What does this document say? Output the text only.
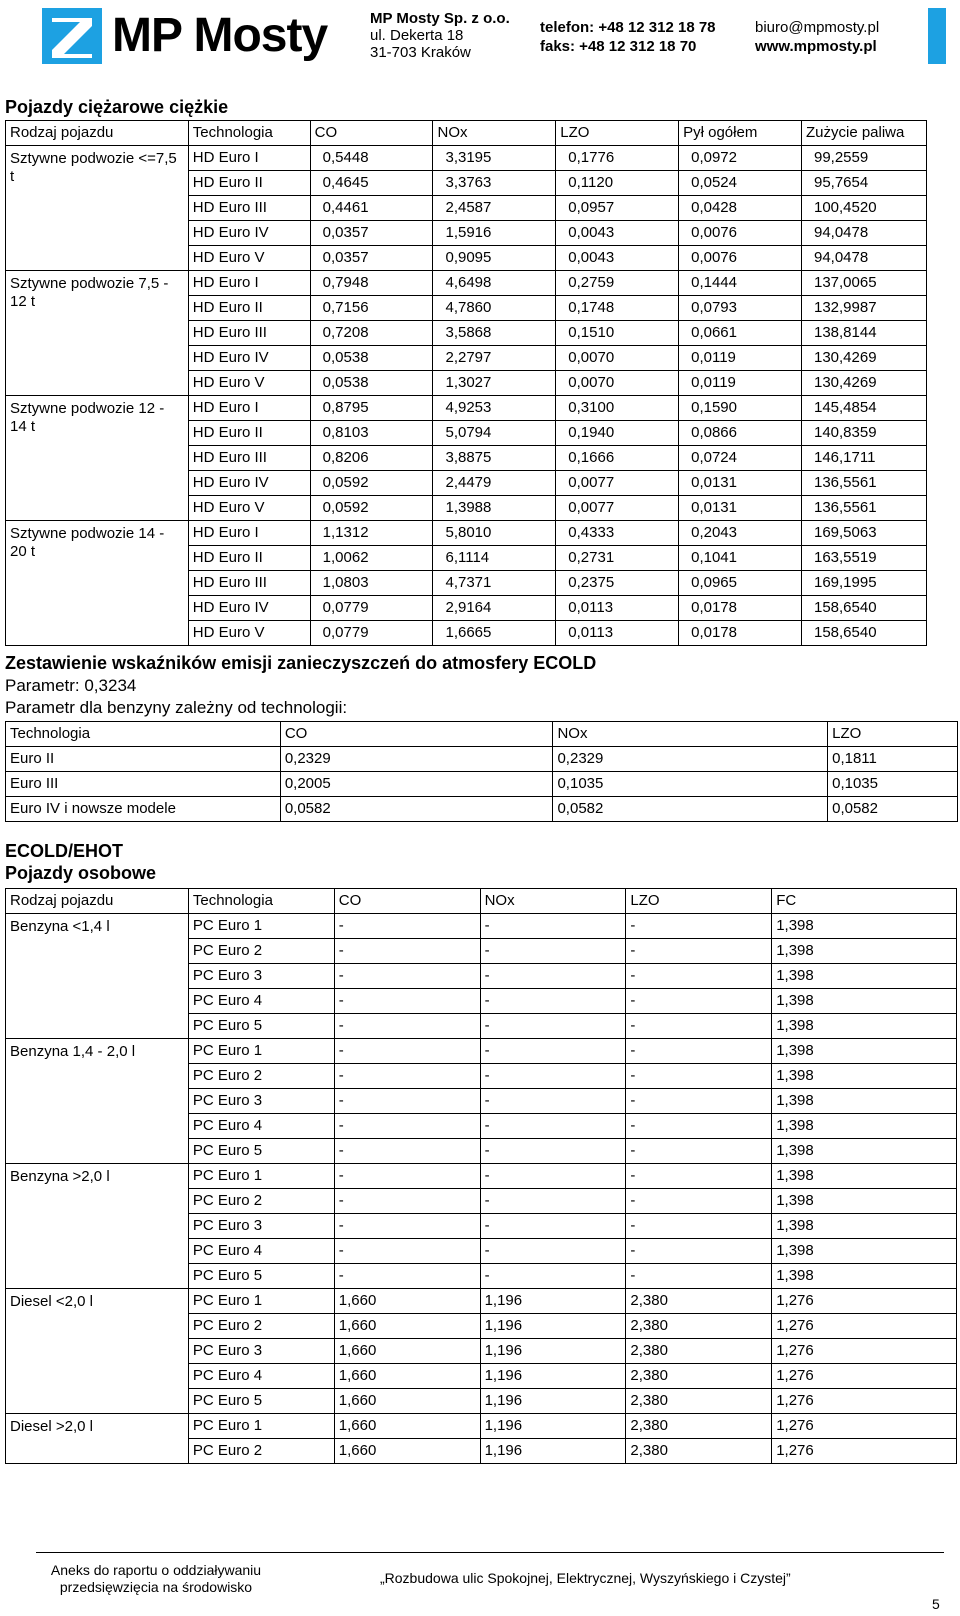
MP Mosty	MP Mosty Sp. z o.o.
ul. Dekerta 18
31-703 Kraków
telefon: +48 12 312 18 78
faks: +48 12 312 18 70
biuro@mpmosty.pl
www.mpmosty.pl
Pojazdy ciężarowe ciężkie
Rodzaj pojazdu	Technologia	CO	NOx	LZO	Pył ogółem	Zużycie paliwa
Sztywne podwozie <=7,5 t	HD Euro I	0,5448	3,3195	0,1776	0,0972	99,2559
	HD Euro II	0,4645	3,3763	0,1120	0,0524	95,7654
	HD Euro III	0,4461	2,4587	0,0957	0,0428	100,4520
	HD Euro IV	0,0357	1,5916	0,0043	0,0076	94,0478
	HD Euro V	0,0357	0,9095	0,0043	0,0076	94,0478
Sztywne podwozie 7,5 - 12 t	HD Euro I	0,7948	4,6498	0,2759	0,1444	137,0065
	HD Euro II	0,7156	4,7860	0,1748	0,0793	132,9987
	HD Euro III	0,7208	3,5868	0,1510	0,0661	138,8144
	HD Euro IV	0,0538	2,2797	0,0070	0,0119	130,4269
	HD Euro V	0,0538	1,3027	0,0070	0,0119	130,4269
Sztywne podwozie 12 - 14 t	HD Euro I	0,8795	4,9253	0,3100	0,1590	145,4854
	HD Euro II	0,8103	5,0794	0,1940	0,0866	140,8359
	HD Euro III	0,8206	3,8875	0,1666	0,0724	146,1711
	HD Euro IV	0,0592	2,4479	0,0077	0,0131	136,5561
	HD Euro V	0,0592	1,3988	0,0077	0,0131	136,5561
Sztywne podwozie 14 - 20 t	HD Euro I	1,1312	5,8010	0,4333	0,2043	169,5063
	HD Euro II	1,0062	6,1114	0,2731	0,1041	163,5519
	HD Euro III	1,0803	4,7371	0,2375	0,0965	169,1995
	HD Euro IV	0,0779	2,9164	0,0113	0,0178	158,6540
	HD Euro V	0,0779	1,6665	0,0113	0,0178	158,6540
Zestawienie wskaźników emisji zanieczyszczeń do atmosfery ECOLD
Parametr: 0,3234
Parametr dla benzyny zależny od technologii:
Technologia	CO	NOx	LZO
Euro II	0,2329	0,2329	0,1811
Euro III	0,2005	0,1035	0,1035
Euro IV i nowsze modele	0,0582	0,0582	0,0582
ECOLD/EHOT
Pojazdy osobowe
Rodzaj pojazdu	Technologia	CO	NOx	LZO	FC
Benzyna <1,4 l	PC Euro 1	-	-	-	1,398
	PC Euro 2	-	-	-	1,398
	PC Euro 3	-	-	-	1,398
	PC Euro 4	-	-	-	1,398
	PC Euro 5	-	-	-	1,398
Benzyna 1,4 - 2,0 l	PC Euro 1	-	-	-	1,398
	PC Euro 2	-	-	-	1,398
	PC Euro 3	-	-	-	1,398
	PC Euro 4	-	-	-	1,398
	PC Euro 5	-	-	-	1,398
Benzyna >2,0 l	PC Euro 1	-	-	-	1,398
	PC Euro 2	-	-	-	1,398
	PC Euro 3	-	-	-	1,398
	PC Euro 4	-	-	-	1,398
	PC Euro 5	-	-	-	1,398
Diesel <2,0 l	PC Euro 1	1,660	1,196	2,380	1,276
	PC Euro 2	1,660	1,196	2,380	1,276
	PC Euro 3	1,660	1,196	2,380	1,276
	PC Euro 4	1,660	1,196	2,380	1,276
	PC Euro 5	1,660	1,196	2,380	1,276
Diesel >2,0 l	PC Euro 1	1,660	1,196	2,380	1,276
	PC Euro 2	1,660	1,196	2,380	1,276
Aneks do raportu o oddziaływaniu przedsięwzięcia na środowisko
„Rozbudowa ulic Spokojnej, Elektrycznej, Wyszyńskiego i Czystej”
5
